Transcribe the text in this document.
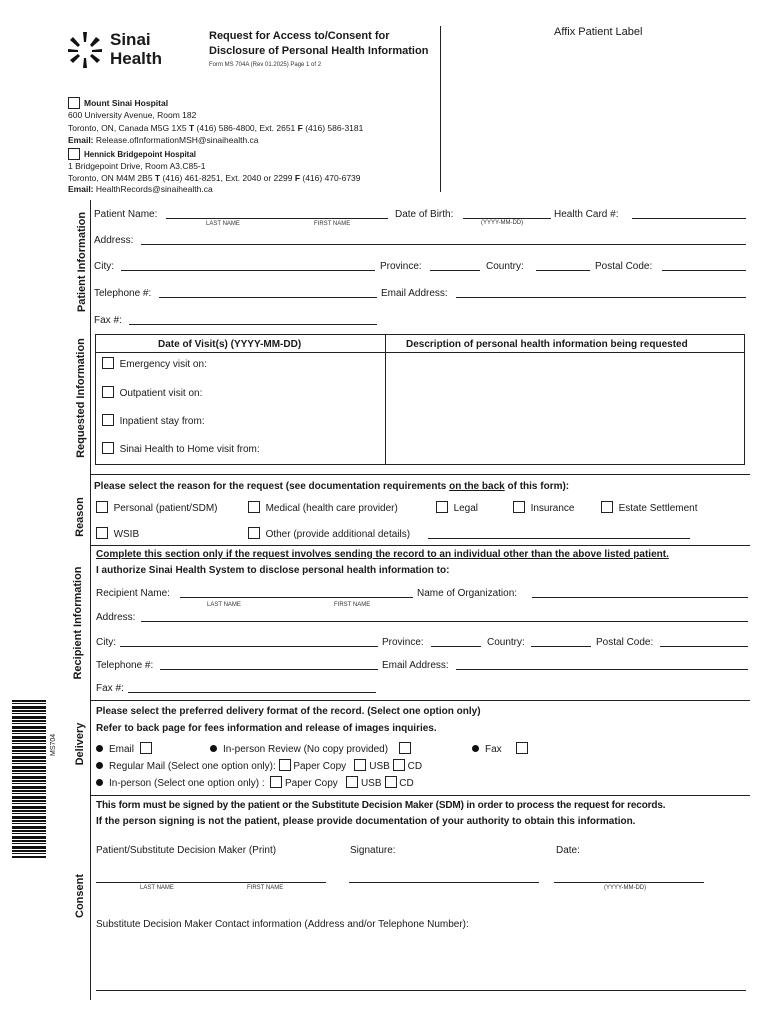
Sinai
Health
Request for Access to/Consent for
Disclosure of Personal Health Information
Form MS 704A (Rev 01.2025) Page 1 of 2
Affix Patient Label
Mount Sinai Hospital
600 University Avenue, Room 182
Toronto, ON, Canada M5G 1X5 T (416) 586-4800, Ext. 2651 F (416) 586-3181
Email: Release.ofInformationMSH@sinaihealth.ca
Hennick Bridgepoint Hospital
1 Bridgepoint Drive, Room A3.C85-1
Toronto, ON M4M 2B5 T (416) 461-8251, Ext. 2040 or 2299 F (416) 470-6739
Email: HealthRecords@sinaihealth.ca
MS704
Patient Information Patient Name:
LAST NAME	FIRST NAME
Date of Birth:
(YYYY-MM-DD)
Health Card #:
Address:
City:	Province:	Country:	Postal Code:
Telephone #:	Email Address:
Fax #:
Requested Information	Date of Visit(s) (YYYY-MM-DD)	Description of personal health information being requested
Emergency visit on:
Outpatient visit on:
Inpatient stay from:
Sinai Health to Home visit from:
Reason
Please select the reason for the request (see documentation requirements on the back of this form):
Personal (patient/SDM)	Medical (health care provider)	Legal	Insurance	Estate Settlement
WSIB	Other (provide additional details)
Recipient Information
Complete this section only if the request involves sending the record to an individual other than the above listed patient.
I authorize Sinai Health System to disclose personal health information to:
Recipient Name:
LAST NAME	FIRST NAME
Name of Organization:
Address:
City:	Province:	Country:	Postal Code:
Telephone #:	Email Address:
Fax #:
Delivery
Please select the preferred delivery format of the record. (Select one option only)
Refer to back page for fees information and release of images inquiries.
Email	In-person Review (No copy provided)	Fax
Regular Mail (Select one option only): Paper Copy USB CD
In-person (Select one option only) : Paper Copy USB CD
Consent
This form must be signed by the patient or the Substitute Decision Maker (SDM) in order to process the request for records.
If the person signing is not the patient, please provide documentation of your authority to obtain this information.
Patient/Substitute Decision Maker (Print)	Signature:	Date:
LAST NAME	FIRST NAME	(YYYY-MM-DD)
Substitute Decision Maker Contact information (Address and/or Telephone Number):
